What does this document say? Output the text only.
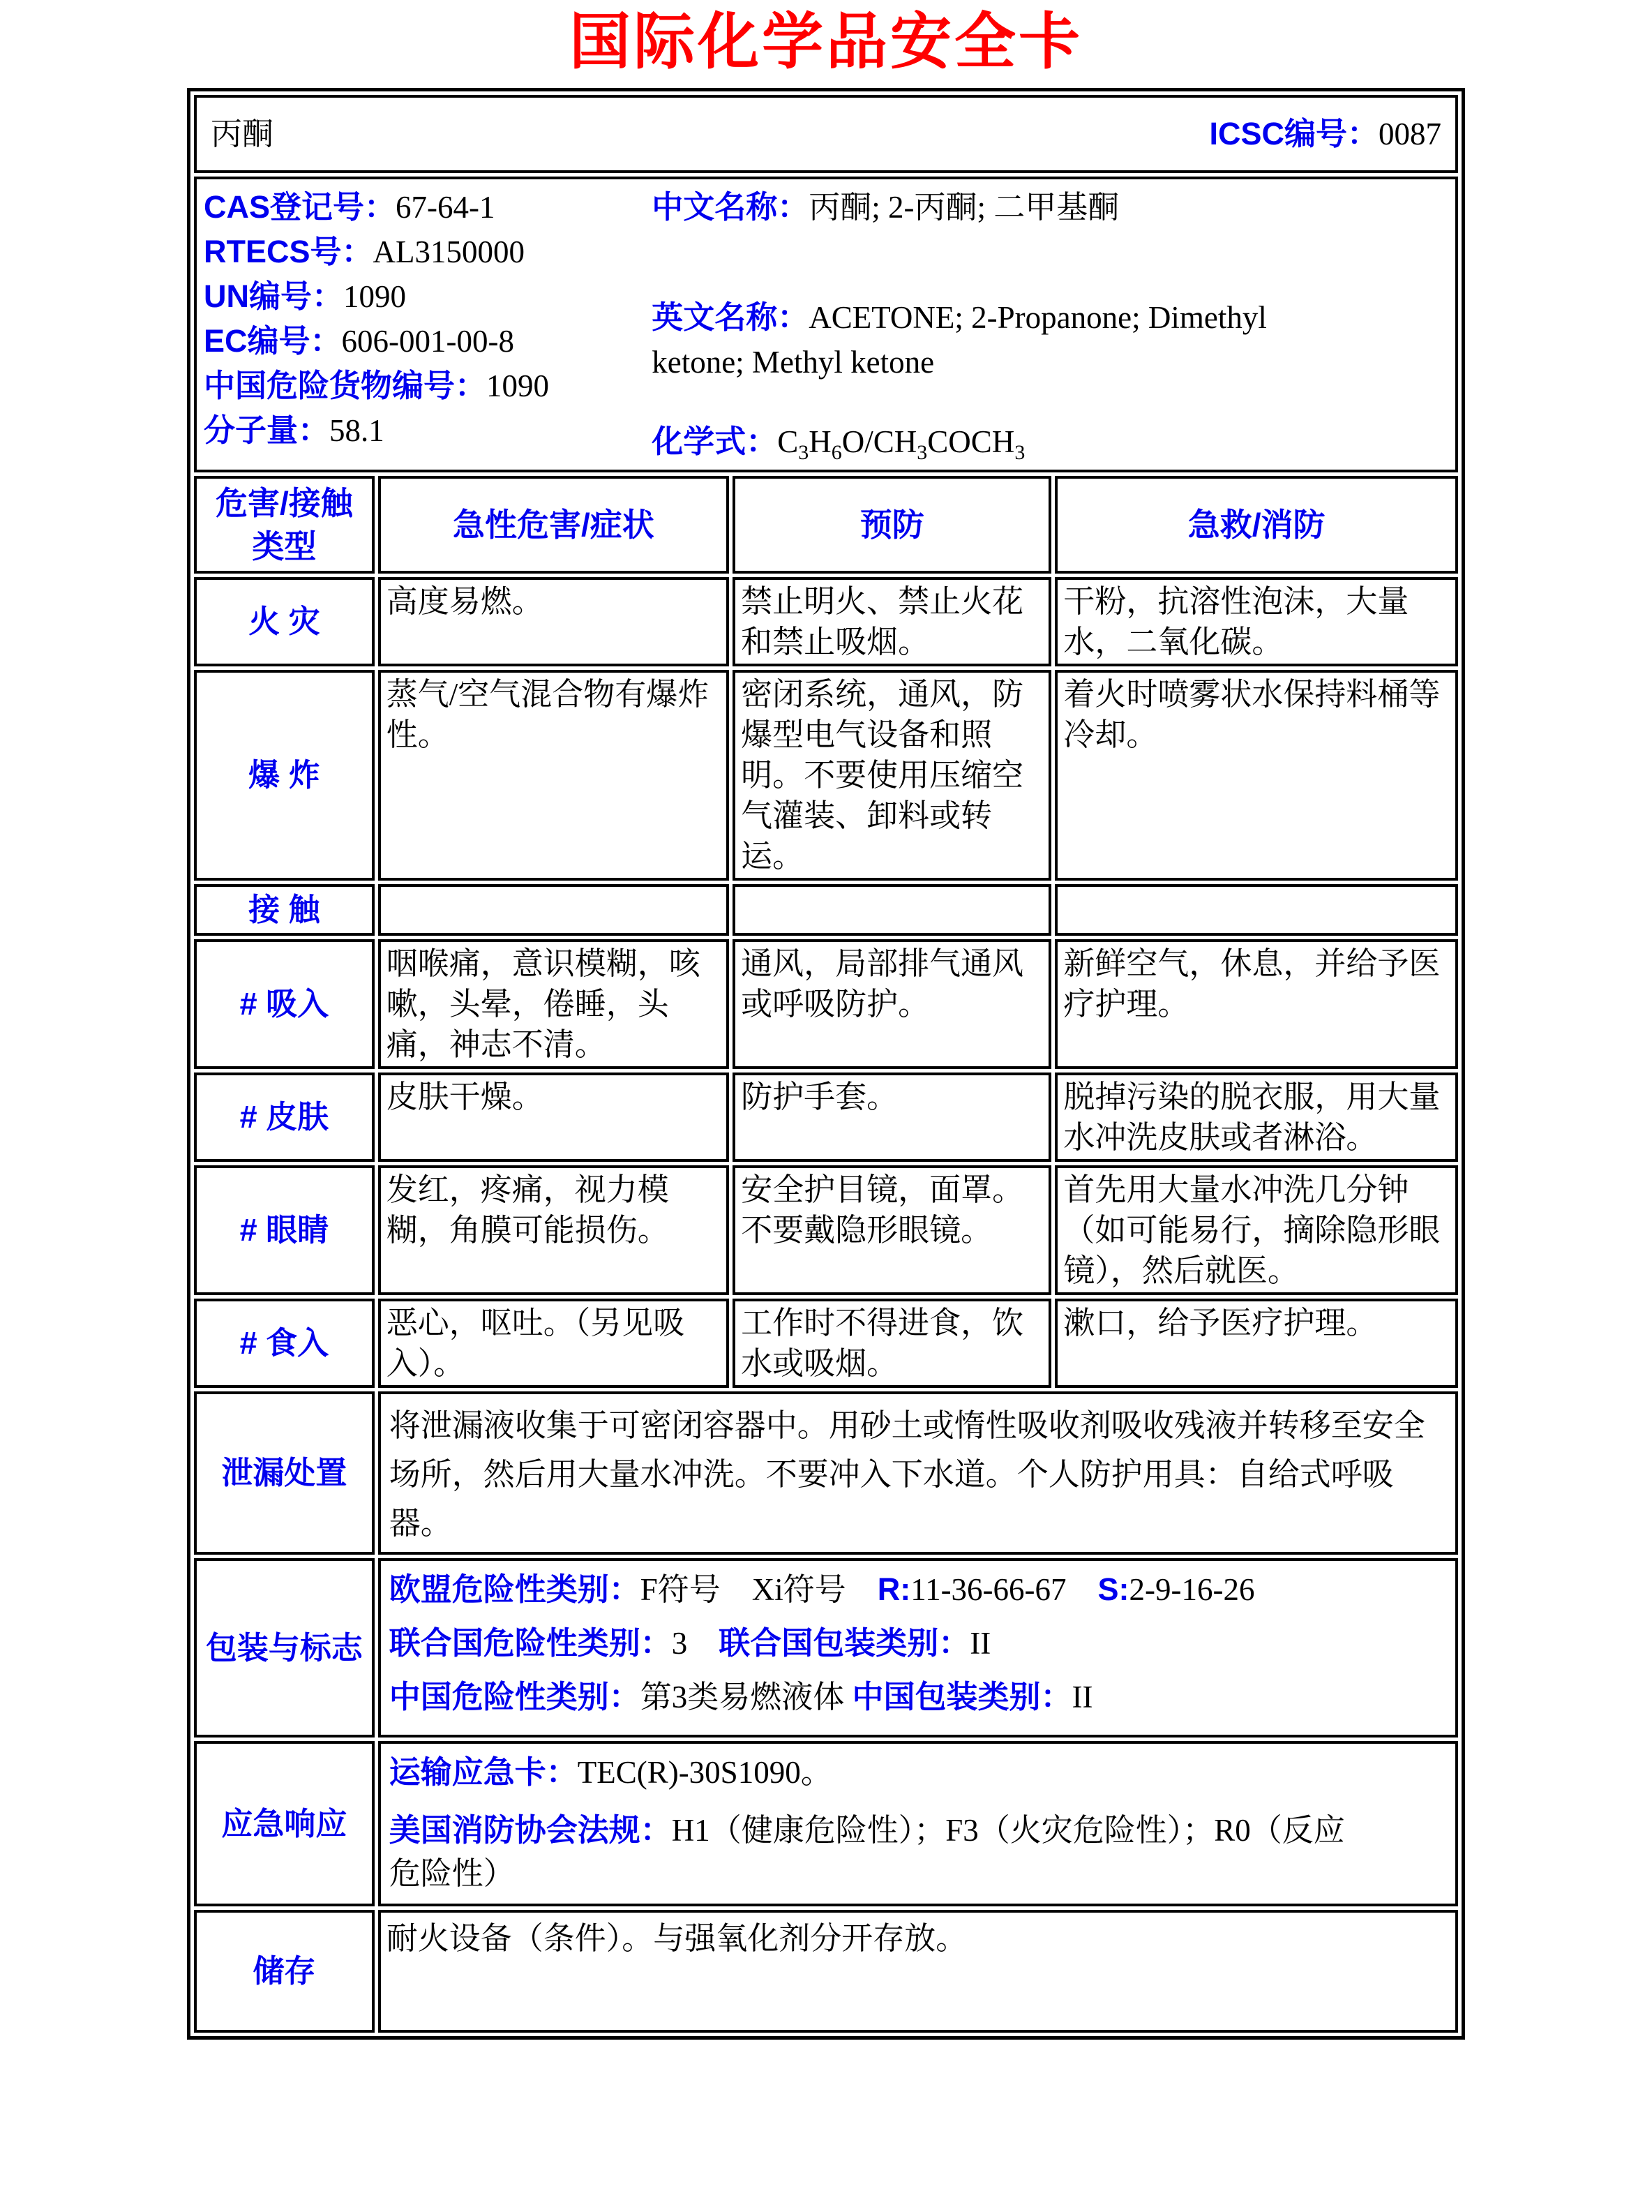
国际化学品安全卡
丙酮 ICSC编号：0087			

CAS登记号：67-64-1
RTECS号：AL3150000
UN编号：1090
EC编号：606-001-00-8
中国危险货物编号：1090
分子量：58.1
中文名称：丙酮; 2-丙酮; 二甲基酮
英文名称：ACETONE; 2-Propanone; Dimethyl ketone; Methyl ketone
化学式：$C_3H_6O/CH_3COCH_3$

危害/接触
类型	急性危害/症状	预防	急救/消防
火 灾	高度易燃。	禁止明火、禁止火花和禁止吸烟。	干粉，抗溶性泡沫，大量水，二氧化碳。
爆 炸	蒸气/空气混合物有爆炸性。	密闭系统，通风，防爆型电气设备和照明。不要使用压缩空气灌装、卸料或转运。	着火时喷雾状水保持料桶等冷却。
接 触			
# 吸入	咽喉痛，意识模糊，咳嗽，头晕，倦睡，头痛，神志不清。	通风，局部排气通风或呼吸防护。	新鲜空气，休息，并给予医疗护理。
# 皮肤	皮肤干燥。	防护手套。	脱掉污染的脱衣服，用大量水冲洗皮肤或者淋浴。
# 眼睛	发红，疼痛，视力模糊，角膜可能损伤。	安全护目镜，面罩。不要戴隐形眼镜。	首先用大量水冲洗几分钟（如可能易行，摘除隐形眼镜），然后就医。
# 食入	恶心，呕吐。（另见吸入）。	工作时不得进食，饮水或吸烟。	漱口，给予医疗护理。
泄漏处置	将泄漏液收集于可密闭容器中。用砂土或惰性吸收剂吸收残液并转移至安全场所，然后用大量水冲洗。不要冲入下水道。个人防护用具：自给式呼吸器。		

包装与标志	欧盟危险性类别：F符号　Xi符号　R:11-36-66-67　S:2-9-16-26
联合国危险性类别：3　联合国包装类别：II
中国危险性类别：第3类易燃液体 中国包装类别：II		

应急响应	运输应急卡：TEC(R)-30S1090。
美国消防协会法规：H1（健康危险性）；F3（火灾危险性）；R0（反应危险性）		

储存	耐火设备（条件）。与强氧化剂分开存放。		
